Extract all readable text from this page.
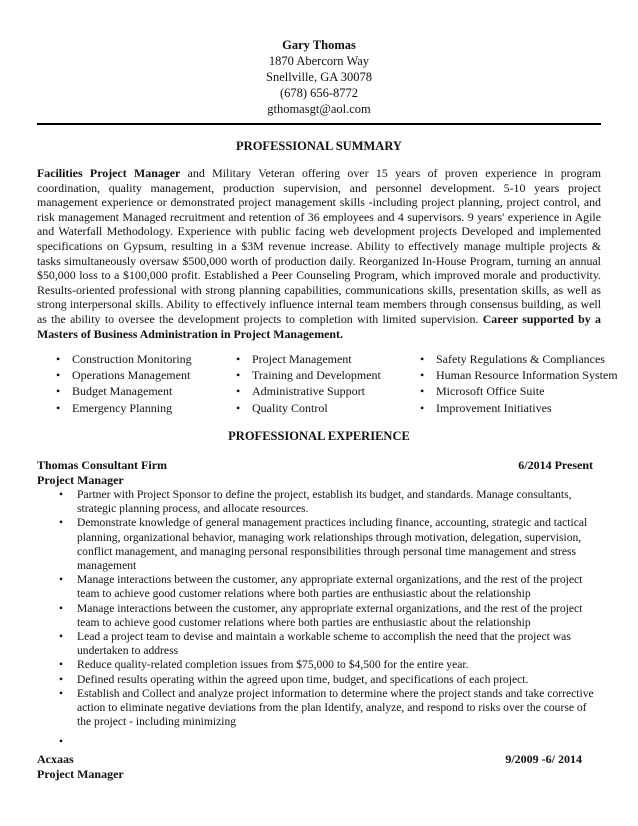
Gary Thomas
1870 Abercorn Way
Snellville, GA 30078
(678) 656-8772
gthomasgt@aol.com
PROFESSIONAL SUMMARY
Facilities Project Manager and Military Veteran offering over 15 years of proven experience in program coordination, quality management, production supervision, and personnel development. 5-10 years project management experience or demonstrated project management skills -including project planning, project control, and risk management Managed recruitment and retention of 36 employees and 4 supervisors. 9 years' experience in Agile and Waterfall Methodology. Experience with public facing web development projects Developed and implemented specifications on Gypsum, resulting in a $3M revenue increase. Ability to effectively manage multiple projects & tasks simultaneously oversaw $500,000 worth of production daily. Reorganized In-House Program, turning an annual $50,000 loss to a $100,000 profit. Established a Peer Counseling Program, which improved morale and productivity. Results-oriented professional with strong planning capabilities, communications skills, presentation skills, as well as strong interpersonal skills. Ability to effectively influence internal team members through consensus building, as well as the ability to oversee the development projects to completion with limited supervision. Career supported by a Masters of Business Administration in Project Management.
• Construction Monitoring
• Operations Management
• Budget Management
• Emergency Planning
• Project Management
• Training and Development
• Administrative Support
• Quality Control
• Safety Regulations & Compliances
• Human Resource Information System
• Microsoft Office Suite
• Improvement Initiatives
PROFESSIONAL EXPERIENCE
Thomas Consultant Firm	6/2014 Present
Project Manager
• Partner with Project Sponsor to define the project, establish its budget, and standards. Manage consultants, strategic planning process, and allocate resources.
• Demonstrate knowledge of general management practices including finance, accounting, strategic and tactical planning, organizational behavior, managing work relationships through motivation, delegation, supervision, conflict management, and managing personal responsibilities through personal time management and stress management
• Manage interactions between the customer, any appropriate external organizations, and the rest of the project team to achieve good customer relations where both parties are enthusiastic about the relationship
• Manage interactions between the customer, any appropriate external organizations, and the rest of the project team to achieve good customer relations where both parties are enthusiastic about the relationship
• Lead a project team to devise and maintain a workable scheme to accomplish the need that the project was undertaken to address
• Reduce quality-related completion issues from $75,000 to $4,500 for the entire year.
• Defined results operating within the agreed upon time, budget, and specifications of each project.
• Establish and Collect and analyze project information to determine where the project stands and take corrective action to eliminate negative deviations from the plan Identify, analyze, and respond to risks over the course of the project - including minimizing
•
Acxaas	9/2009 -6/ 2014
Project Manager
